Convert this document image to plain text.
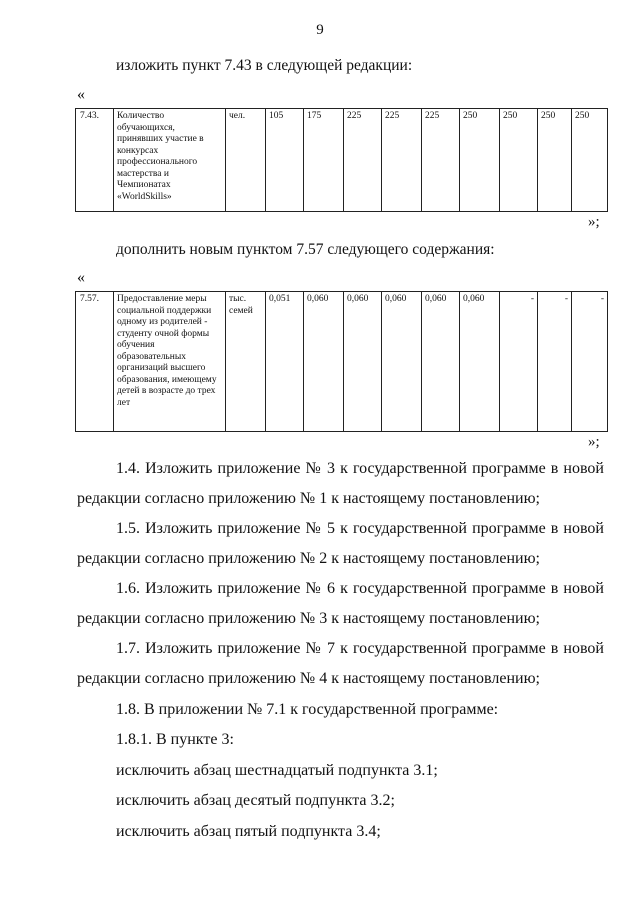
9
изложить пункт 7.43 в следующей редакции:
«
7.43.	Количество обучающихся, принявших участие в конкурсах профессионального мастерства и Чемпионатах «WorldSkills»	чел.	105	175	225	225	225	250	250	250	250
»;
дополнить новым пунктом 7.57 следующего содержания:
«
7.57.	Предоставление меры социальной поддержки одному из родителей - студенту очной формы обучения образовательных организаций высшего образования, имеющему детей в возрасте до трех лет	тыс. семей	0,051	0,060	0,060	0,060	0,060	0,060	-	-	-
»;
1.4. Изложить приложение № 3 к государственной программе в новой
редакции согласно приложению № 1 к настоящему постановлению;
1.5. Изложить приложение № 5 к государственной программе в новой
редакции согласно приложению № 2 к настоящему постановлению;
1.6. Изложить приложение № 6 к государственной программе в новой
редакции согласно приложению № 3 к настоящему постановлению;
1.7. Изложить приложение № 7 к государственной программе в новой
редакции согласно приложению № 4 к настоящему постановлению;
1.8. В приложении № 7.1 к государственной программе:
1.8.1. В пункте 3:
исключить абзац шестнадцатый подпункта 3.1;
исключить абзац десятый подпункта 3.2;
исключить абзац пятый подпункта 3.4;
